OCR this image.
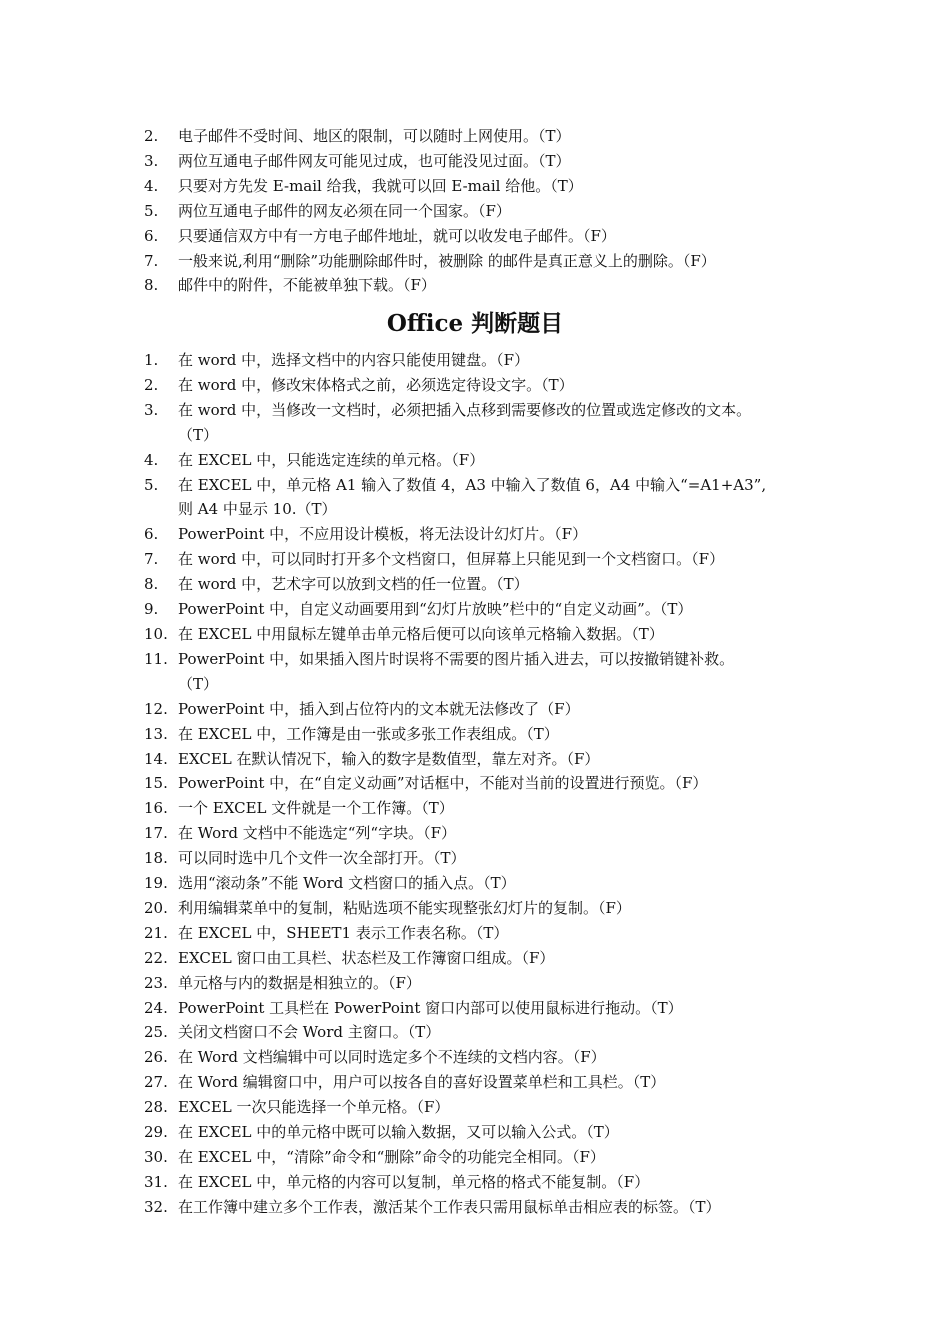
2.	电子邮件不受时间、地区的限制，可以随时上网使用。（T）
3.	两位互通电子邮件网友可能见过成，也可能没见过面。（T）
4.	只要对方先发 E-mail 给我，我就可以回 E-mail 给他。（T）
5.	两位互通电子邮件的网友必须在同一个国家。（F）
6.	只要通信双方中有一方电子邮件地址，就可以收发电子邮件。（F）
7.	一般来说,利用“删除”功能删除邮件时，被删除 的邮件是真正意义上的删除。（F）
8.	邮件中的附件，不能被单独下载。（F）
Office 判断题目
1.	在 word 中，选择文档中的内容只能使用键盘。（F）
2.	在 word 中，修改宋体格式之前，必须选定待设文字。（T）
3.	在 word 中，当修改一文档时，必须把插入点移到需要修改的位置或选定修改的文本。
（T）
4.	在 EXCEL 中，只能选定连续的单元格。（F）
5.	在 EXCEL 中，单元格 A1 输入了数值 4，A3 中输入了数值 6，A4 中输入“=A1+A3”,
则 A4 中显示 10.（T）
6.	PowerPoint 中，不应用设计模板，将无法设计幻灯片。（F）
7.	在 word 中，可以同时打开多个文档窗口，但屏幕上只能见到一个文档窗口。（F）
8.	在 word 中，艺术字可以放到文档的任一位置。（T）
9.	PowerPoint 中，自定义动画要用到“幻灯片放映”栏中的“自定义动画”。（T）
10. 在 EXCEL 中用鼠标左键单击单元格后便可以向该单元格输入数据。（T）
11. PowerPoint 中，如果插入图片时误将不需要的图片插入进去，可以按撤销键补救。
（T）
12. PowerPoint 中，插入到占位符内的文本就无法修改了（F）
13. 在 EXCEL 中，工作簿是由一张或多张工作表组成。（T）
14. EXCEL 在默认情况下，输入的数字是数值型，靠左对齐。（F）
15. PowerPoint 中，在“自定义动画”对话框中，不能对当前的设置进行预览。（F）
16. 一个 EXCEL 文件就是一个工作簿。（T）
17. 在 Word 文档中不能选定“列“字块。（F）
18. 可以同时选中几个文件一次全部打开。（T）
19. 选用“滚动条”不能 Word 文档窗口的插入点。（T）
20. 利用编辑菜单中的复制，粘贴选项不能实现整张幻灯片的复制。（F）
21. 在 EXCEL 中，SHEET1 表示工作表名称。（T）
22. EXCEL 窗口由工具栏、状态栏及工作簿窗口组成。（F）
23. 单元格与内的数据是相独立的。（F）
24. PowerPoint 工具栏在 PowerPoint 窗口内部可以使用鼠标进行拖动。（T）
25. 关闭文档窗口不会 Word 主窗口。（T）
26. 在 Word 文档编辑中可以同时选定多个不连续的文档内容。（F）
27. 在 Word 编辑窗口中，用户可以按各自的喜好设置菜单栏和工具栏。（T）
28. EXCEL 一次只能选择一个单元格。（F）
29. 在 EXCEL 中的单元格中既可以输入数据，又可以输入公式。（T）
30. 在 EXCEL 中，“清除”命令和“删除”命令的功能完全相同。（F）
31. 在 EXCEL 中，单元格的内容可以复制，单元格的格式不能复制。（F）
32. 在工作簿中建立多个工作表，激活某个工作表只需用鼠标单击相应表的标签。（T）
